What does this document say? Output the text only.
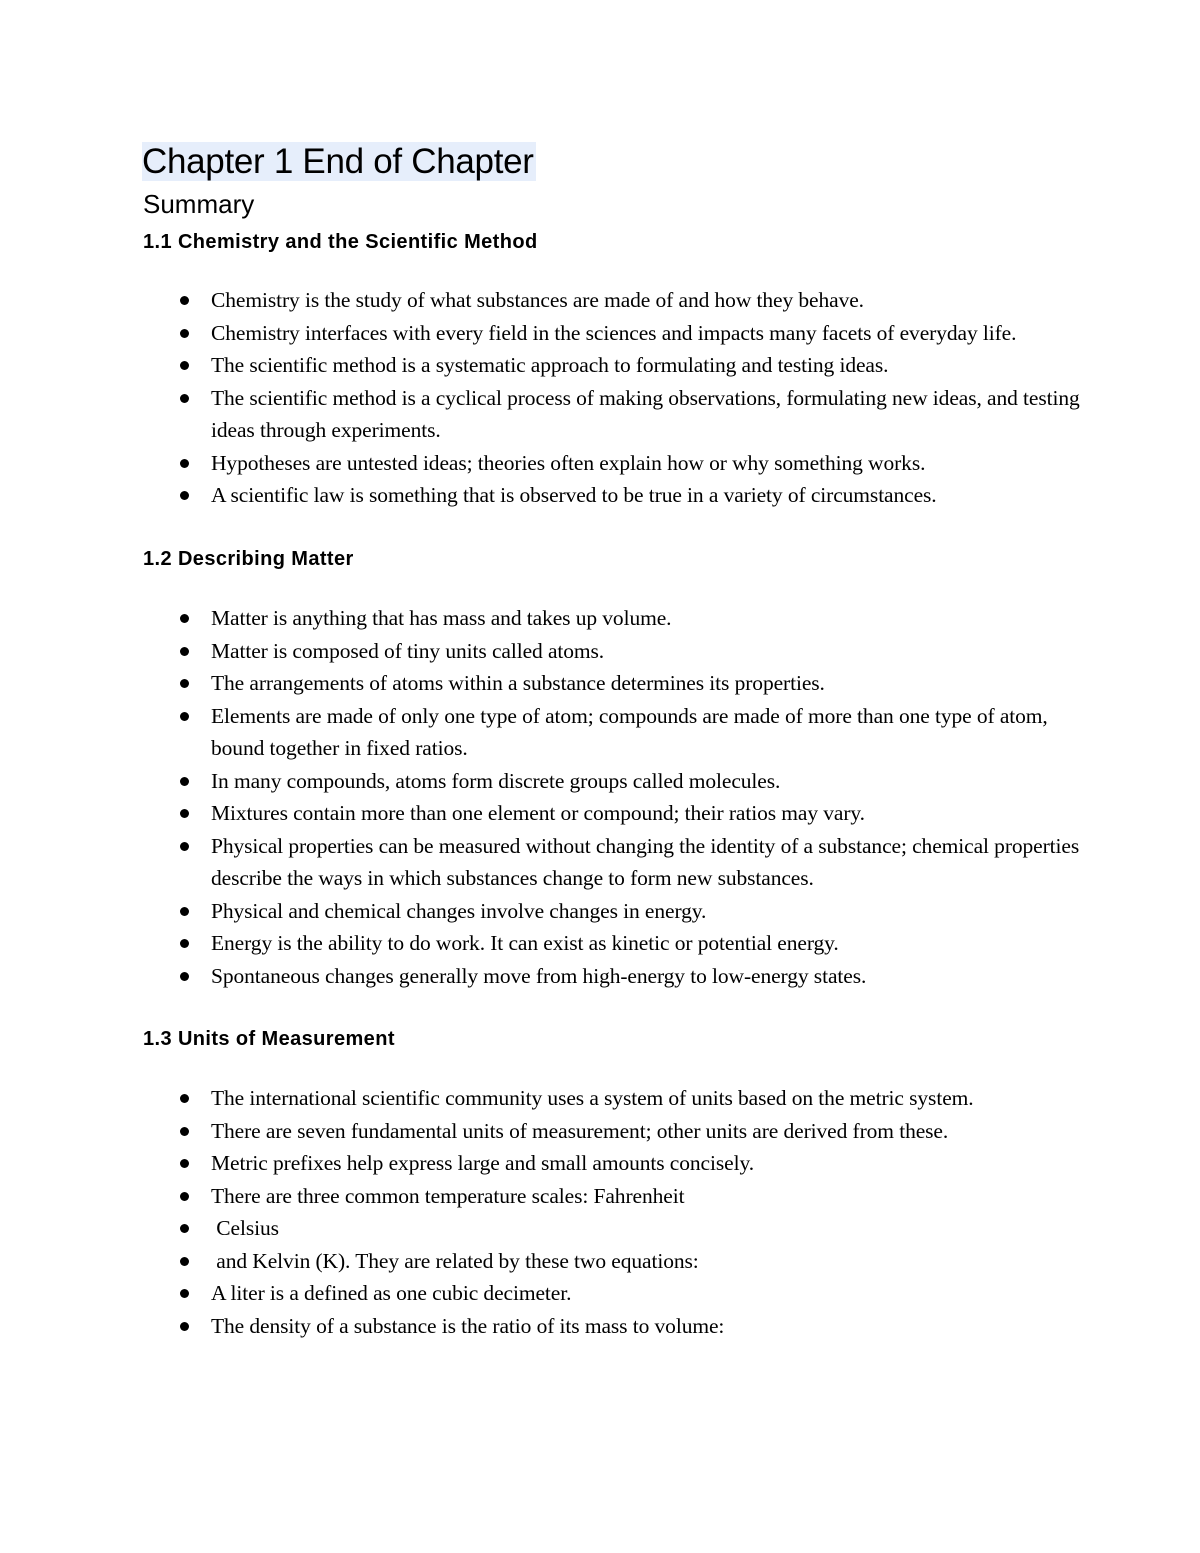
Chapter 1 End of Chapter
Summary
1.1 Chemistry and the Scientific Method
Chemistry is the study of what substances are made of and how they behave.
Chemistry interfaces with every field in the sciences and impacts many facets of everyday life.
The scientific method is a systematic approach to formulating and testing ideas.
The scientific method is a cyclical process of making observations, formulating new ideas, and testing ideas through experiments.
Hypotheses are untested ideas; theories often explain how or why something works.
A scientific law is something that is observed to be true in a variety of circumstances.
1.2 Describing Matter
Matter is anything that has mass and takes up volume.
Matter is composed of tiny units called atoms.
The arrangements of atoms within a substance determines its properties.
Elements are made of only one type of atom; compounds are made of more than one type of atom, bound together in fixed ratios.
In many compounds, atoms form discrete groups called molecules.
Mixtures contain more than one element or compound; their ratios may vary.
Physical properties can be measured without changing the identity of a substance; chemical properties describe the ways in which substances change to form new substances.
Physical and chemical changes involve changes in energy.
Energy is the ability to do work. It can exist as kinetic or potential energy.
Spontaneous changes generally move from high-energy to low-energy states.
1.3 Units of Measurement
The international scientific community uses a system of units based on the metric system.
There are seven fundamental units of measurement; other units are derived from these.
Metric prefixes help express large and small amounts concisely.
There are three common temperature scales: Fahrenheit
Celsius
and Kelvin (K). They are related by these two equations:
A liter is a defined as one cubic decimeter.
The density of a substance is the ratio of its mass to volume:
